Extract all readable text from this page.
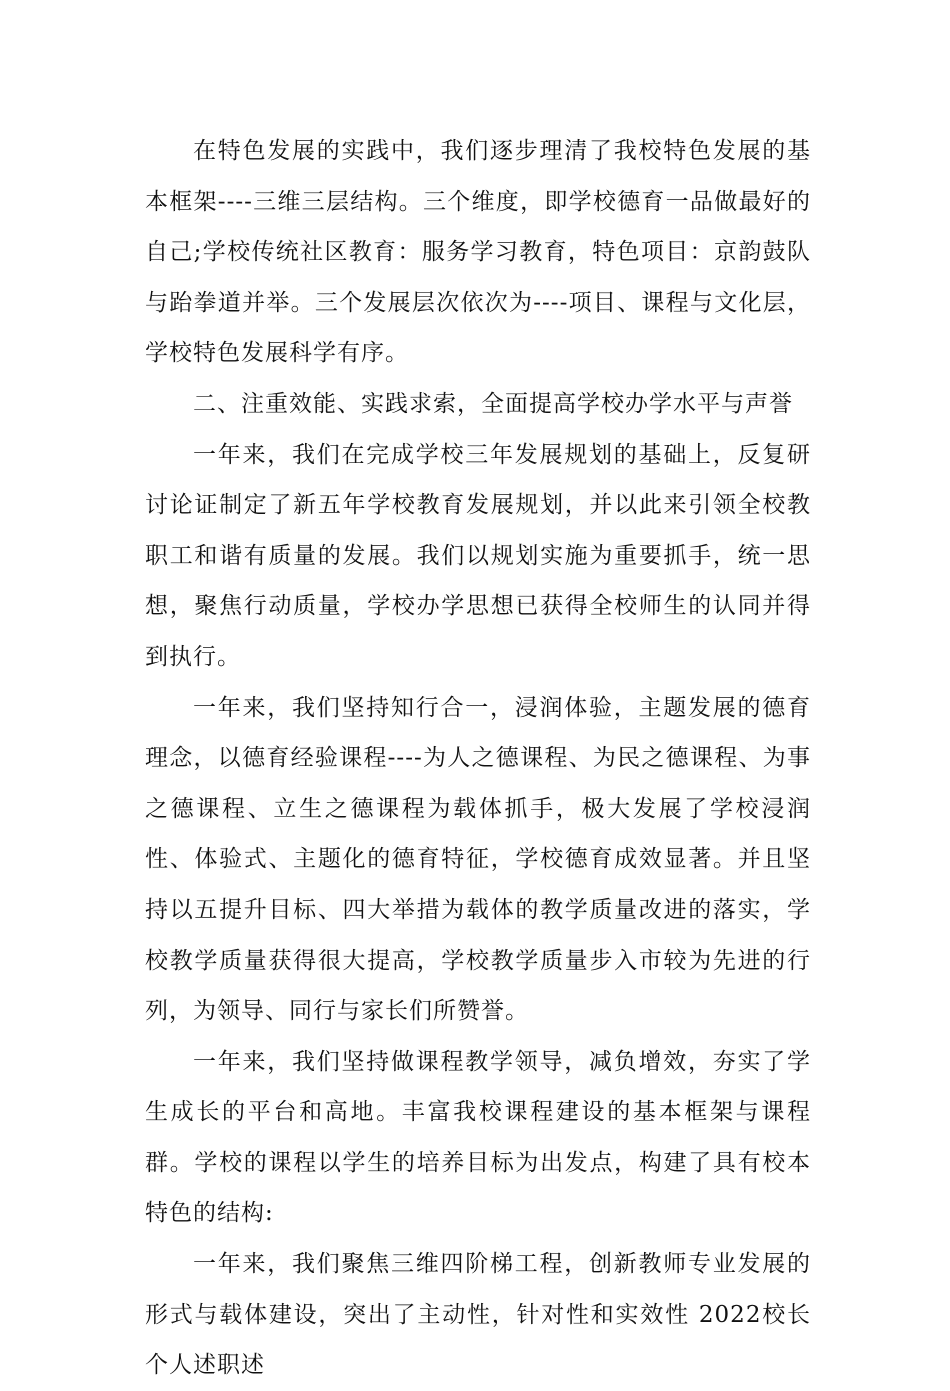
在特色发展的实践中，我们逐步理清了我校特色发展的基本框架----三维三层结构。三个维度，即学校德育一品做最好的自己;学校传统社区教育：服务学习教育，特色项目：京韵鼓队与跆拳道并举。三个发展层次依次为----项目、课程与文化层，学校特色发展科学有序。

二、注重效能、实践求索，全面提高学校办学水平与声誉

一年来，我们在完成学校三年发展规划的基础上，反复研讨论证制定了新五年学校教育发展规划，并以此来引领全校教职工和谐有质量的发展。我们以规划实施为重要抓手，统一思想，聚焦行动质量，学校办学思想已获得全校师生的认同并得到执行。

一年来，我们坚持知行合一，浸润体验，主题发展的德育理念，以德育经验课程----为人之德课程、为民之德课程、为事之德课程、立生之德课程为载体抓手，极大发展了学校浸润性、体验式、主题化的德育特征，学校德育成效显著。并且坚持以五提升目标、四大举措为载体的教学质量改进的落实，学校教学质量获得很大提高，学校教学质量步入市较为先进的行列，为领导、同行与家长们所赞誉。

一年来，我们坚持做课程教学领导，减负增效，夯实了学生成长的平台和高地。丰富我校课程建设的基本框架与课程群。学校的课程以学生的培养目标为出发点，构建了具有校本特色的结构:

一年来，我们聚焦三维四阶梯工程，创新教师专业发展的形式与载体建设，突出了主动性，针对性和实效性 2022校长个人述职述
